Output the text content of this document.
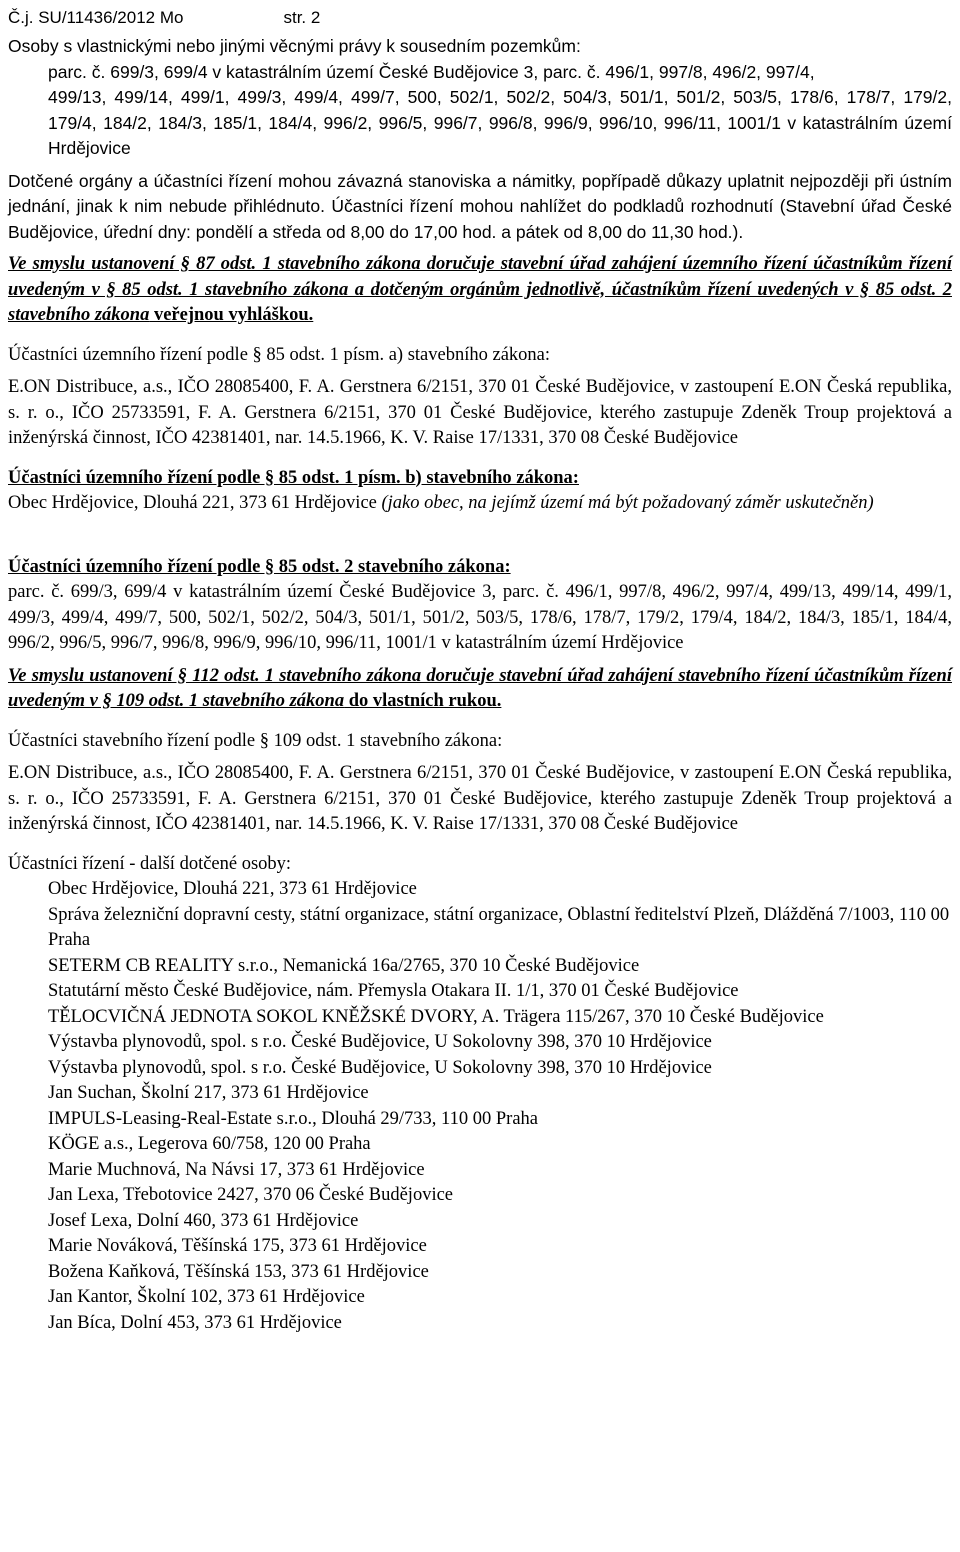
Č.j. SU/11436/2012 Mo	str. 2

Osoby s vlastnickými nebo jinými věcnými právy k sousedním pozemkům:

parc. č. 699/3, 699/4 v katastrálním území České Budějovice 3, parc. č. 496/1, 997/8, 496/2, 997/4,

499/13, 499/14, 499/1, 499/3, 499/4, 499/7, 500, 502/1, 502/2, 504/3, 501/1, 501/2, 503/5, 178/6, 178/7, 179/2, 179/4, 184/2, 184/3, 185/1, 184/4, 996/2, 996/5, 996/7, 996/8, 996/9, 996/10, 996/11, 1001/1 v katastrálním území Hrdějovice

Dotčené orgány a účastníci řízení mohou závazná stanoviska a námitky, popřípadě důkazy uplatnit nejpozději při ústním jednání, jinak k nim nebude přihlédnuto. Účastníci řízení mohou nahlížet do podkladů rozhodnutí (Stavební úřad České Budějovice, úřední dny: pondělí a středa od 8,00 do 17,00 hod. a pátek od 8,00 do 11,30 hod.).

Ve smyslu ustanovení § 87 odst. 1 stavebního zákona doručuje stavební úřad zahájení územního řízení účastníkům řízení uvedeným v § 85 odst. 1 stavebního zákona a dotčeným orgánům jednotlivě, účastníkům řízení uvedených v § 85 odst. 2 stavebního zákona veřejnou vyhláškou.

Účastníci územního řízení podle § 85 odst. 1 písm. a) stavebního zákona:

E.ON Distribuce, a.s., IČO 28085400, F. A. Gerstnera 6/2151, 370 01 České Budějovice, v zastoupení E.ON Česká republika, s. r. o., IČO 25733591, F. A. Gerstnera 6/2151, 370 01 České Budějovice, kterého zastupuje Zdeněk Troup projektová a inženýrská činnost, IČO 42381401, nar. 14.5.1966, K. V. Raise 17/1331, 370 08 České Budějovice

Účastníci územního řízení podle § 85 odst. 1 písm. b) stavebního zákona:

Obec Hrdějovice, Dlouhá 221, 373 61 Hrdějovice (jako obec, na jejímž území má být požadovaný záměr uskutečněn)

Účastníci územního řízení podle § 85 odst. 2 stavebního zákona:

parc. č. 699/3, 699/4 v katastrálním území České Budějovice 3, parc. č. 496/1, 997/8, 496/2, 997/4, 499/13, 499/14, 499/1, 499/3, 499/4, 499/7, 500, 502/1, 502/2, 504/3, 501/1, 501/2, 503/5, 178/6, 178/7, 179/2, 179/4, 184/2, 184/3, 185/1, 184/4, 996/2, 996/5, 996/7, 996/8, 996/9, 996/10, 996/11, 1001/1 v katastrálním území Hrdějovice

Ve smyslu ustanovení § 112 odst. 1 stavebního zákona doručuje stavební úřad zahájení stavebního řízení účastníkům řízení uvedeným v § 109 odst. 1 stavebního zákona do vlastních rukou.

Účastníci stavebního řízení podle § 109 odst. 1 stavebního zákona:

E.ON Distribuce, a.s., IČO 28085400, F. A. Gerstnera 6/2151, 370 01 České Budějovice, v zastoupení E.ON Česká republika, s. r. o., IČO 25733591, F. A. Gerstnera 6/2151, 370 01 České Budějovice, kterého zastupuje Zdeněk Troup projektová a inženýrská činnost, IČO 42381401, nar. 14.5.1966, K. V. Raise 17/1331, 370 08 České Budějovice

Účastníci řízení - další dotčené osoby:

Obec Hrdějovice, Dlouhá 221, 373 61 Hrdějovice
Správa železniční dopravní cesty, státní organizace, státní organizace, Oblastní ředitelství Plzeň, Dlážděná 7/1003, 110 00 Praha
SETERM CB REALITY s.r.o., Nemanická 16a/2765, 370 10 České Budějovice
Statutární město České Budějovice, nám. Přemysla Otakara II. 1/1, 370 01 České Budějovice
TĚLOCVIČNÁ JEDNOTA SOKOL KNĚŽSKÉ DVORY, A. Trägera 115/267, 370 10 České Budějovice
Výstavba plynovodů, spol. s r.o. České Budějovice, U Sokolovny 398, 370 10 Hrdějovice
Výstavba plynovodů, spol. s r.o. České Budějovice, U Sokolovny 398, 370 10 Hrdějovice
Jan Suchan, Školní 217, 373 61 Hrdějovice
IMPULS-Leasing-Real-Estate s.r.o., Dlouhá 29/733, 110 00 Praha
KÖGE a.s., Legerova 60/758, 120 00 Praha
Marie Muchnová, Na Návsi 17, 373 61 Hrdějovice
Jan Lexa, Třebotovice 2427, 370 06 České Budějovice
Josef Lexa, Dolní 460, 373 61 Hrdějovice
Marie Nováková, Těšínská 175, 373 61 Hrdějovice
Božena Kaňková, Těšínská 153, 373 61 Hrdějovice
Jan Kantor, Školní 102, 373 61 Hrdějovice
Jan Bíca, Dolní 453, 373 61 Hrdějovice
